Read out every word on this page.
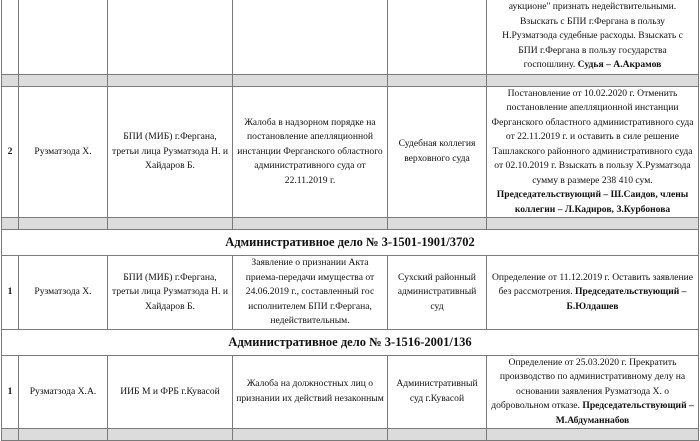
					аукционе" признать недействительными.
Взыскать с БПИ г.Фергана в пользу
Н.Рузматзода судебные расходы. Взыскать с
БПИ г.Фергана в пользу государства
госпошлину. Судья – А.Акрамов

2	Рузматзода Х.	БПИ (МИБ) г.Фергана, третьи лица Рузматзода Н. и Хайдаров Б.	Жалоба в надзорном порядке на постановление апелляционной инстанции Ферганского областного административного суда от 22.11.2019 г.	Судебная коллегия верховного суда	Постановление от 10.02.2020 г. Отменить постановление апелляционной инстанции Ферганского областного административного суда от 22.11.2019 г. и оставить в силе решение Ташлакского районного административного суда от 02.10.2019 г. Взыскать в пользу Х.Рузматзода сумму в размере 238 410 сум. Председательствующий – Ш.Саидов, члены коллегии – Л.Кадиров, З.Курбонова

Административное дело № 3-1501-1901/3702					
1	Рузматзода Х.	БПИ (МИБ) г.Фергана, третьи лица Рузматзода Н. и Хайдаров Б.	Заявление о признании Акта приема-передачи имущества от 24.06.2019 г., составленный гос исполнителем БПИ г.Фергана, недействительным.	Сухский районный административный суд	Определение от 11.12.2019 г. Оставить заявление без рассмотрения. Председательствующий – Б.Юлдашев
Административное дело № 3-1516-2001/136					
1	Рузматзода Х.А.	ИИБ М и ФРБ г.Кувасой	Жалоба на должностных лиц о признании их действий незаконным	Административный суд г.Кувасой	Определение от 25.03.2020 г. Прекратить производство по административному делу на основании заявления Рузматзода Х. о добровольном отказе. Председательствующий – М.Абдуманнабов
